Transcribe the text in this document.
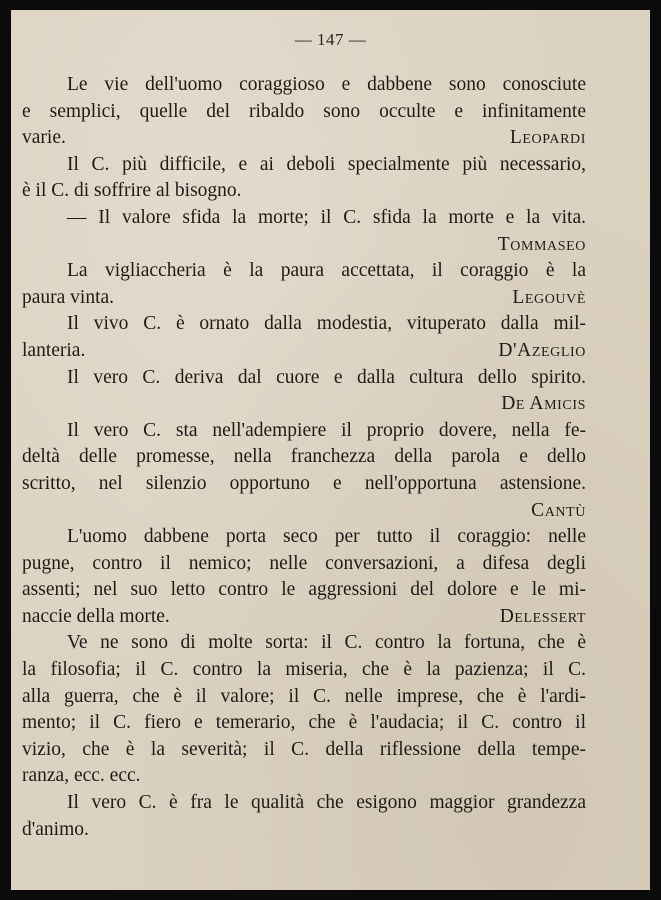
— 147 —
Le vie dell'uomo coraggioso e dabbene sono conosciute
e semplici, quelle del ribaldo sono occulte e infinitamente
varie.	Leopardi
Il C. più difficile, e ai deboli specialmente più necessario,
è il C. di soffrire al bisogno.
— Il valore sfida la morte; il C. sfida la morte e la vita.
Tommaseo
La vigliaccheria è la paura accettata, il coraggio è la
paura vinta.	Legouvè
Il vivo C. è ornato dalla modestia, vituperato dalla mil-
lanteria.	D'Azeglio
Il vero C. deriva dal cuore e dalla cultura dello spirito.
De Amicis
Il vero C. sta nell'adempiere il proprio dovere, nella fe-
deltà delle promesse, nella franchezza della parola e dello
scritto, nel silenzio opportuno e nell'opportuna astensione.
Cantù
L'uomo dabbene porta seco per tutto il coraggio: nelle
pugne, contro il nemico; nelle conversazioni, a difesa degli
assenti; nel suo letto contro le aggressioni del dolore e le mi-
naccie della morte.	Delessert
Ve ne sono di molte sorta: il C. contro la fortuna, che è
la filosofia; il C. contro la miseria, che è la pazienza; il C.
alla guerra, che è il valore; il C. nelle imprese, che è l'ardi-
mento; il C. fiero e temerario, che è l'audacia; il C. contro il
vizio, che è la severità; il C. della riflessione della tempe-
ranza, ecc. ecc.
Il vero C. è fra le qualità che esigono maggior grandezza
d'animo.
